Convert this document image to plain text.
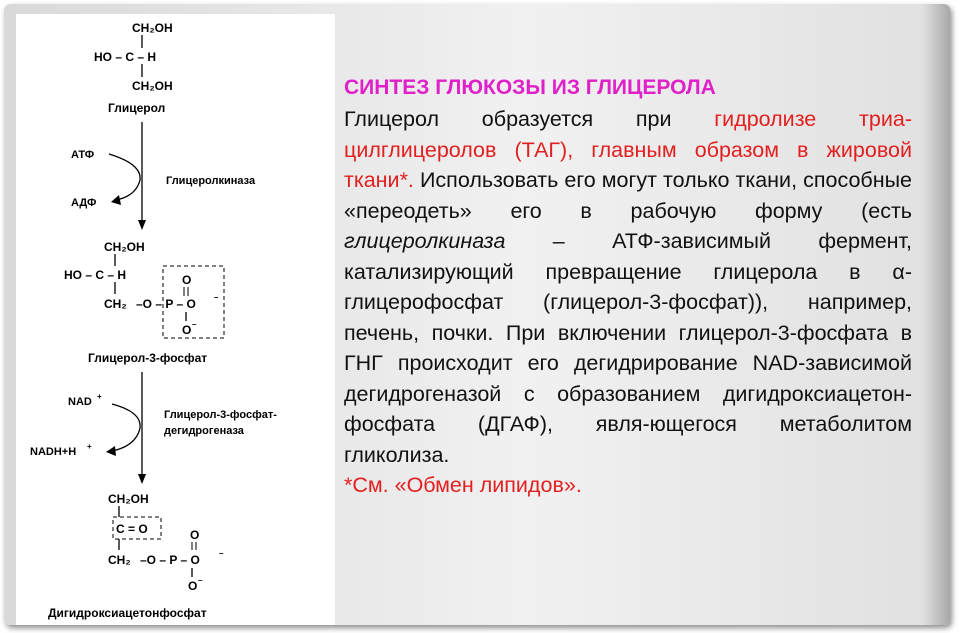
CH₂OH
HO – C – H
CH₂OH
Глицерол
АТФ
АДФ
Глицеролкиназа
CH₂OH
HO – C – H
CH₂ –O – P – O –
O
O –
Глицерол-3-фосфат
NAD +
NADH+H +
Глицерол-3-фосфат-
дегидрогеназа
CH₂OH
C = O	O
CH₂ –O – P – O –
O –
Дигидроксиацетонфосфат
СИНТЕЗ ГЛЮКОЗЫ ИЗ ГЛИЦЕРОЛА
Глицерол образуется при гидролизе триа-цилглицеролов (ТАГ), главным образом в жировой ткани*. Использовать его могут только ткани, способные «переодеть» его в рабочую форму (есть глицеролкиназа – АТФ-зависимый фермент, катализирующий превращение глицерола в α-глицерофосфат (глицерол-3-фосфат)), например, печень, почки. При включении глицерол-3-фосфата в ГНГ происходит его дегидрирование NAD-зависимой дегидрогеназой с образованием дигидроксиацетон-фосфата (ДГАФ), явля-ющегося метаболитом гликолиза.
*См. «Обмен липидов».
